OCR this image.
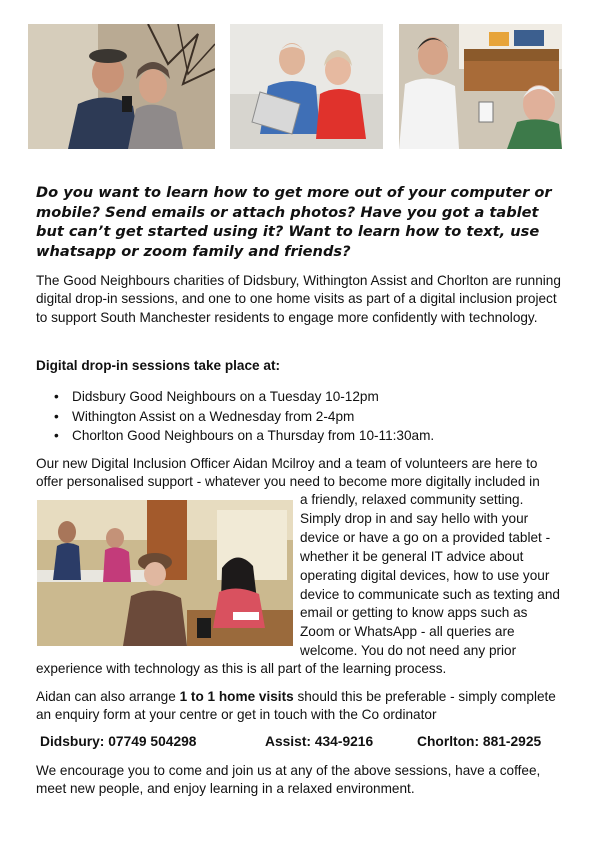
Do you want to learn how to get more out of your computer or mobile? Send emails or attach photos? Have you got a tablet but can’t get started using it? Want to learn how to text, use whatsapp or zoom family and friends?

The Good Neighbours charities of Didsbury, Withington Assist and Chorlton are running digital drop-in sessions, and one to one home visits as part of a digital inclusion project to support South Manchester residents to engage more confidently with technology.

Digital drop-in sessions take place at:

• Didsbury Good Neighbours on a Tuesday 10-12pm
• Withington Assist on a Wednesday from 2-4pm
• Chorlton Good Neighbours on a Thursday from 10-11:30am.

Our new Digital Inclusion Officer Aidan Mcilroy and a team of volunteers are here to offer personalised support - whatever you need to become more digitally included in

a friendly, relaxed community setting. Simply drop in and say hello with your device or have a go on a provided tablet - whether it be general IT advice about operating digital devices, how to use your device to communicate such as texting and email or getting to know apps such as Zoom or WhatsApp - all queries are welcome. You do not need any prior

experience with technology as this is all part of the learning process.

Aidan can also arrange 1 to 1 home visits should this be preferable - simply complete an enquiry form at your centre or get in touch with the Co ordinator

Didsbury: 07749 504298	Assist: 434-9216	Chorlton: 881-2925

We encourage you to come and join us at any of the above sessions, have a coffee, meet new people, and enjoy learning in a relaxed environment.
